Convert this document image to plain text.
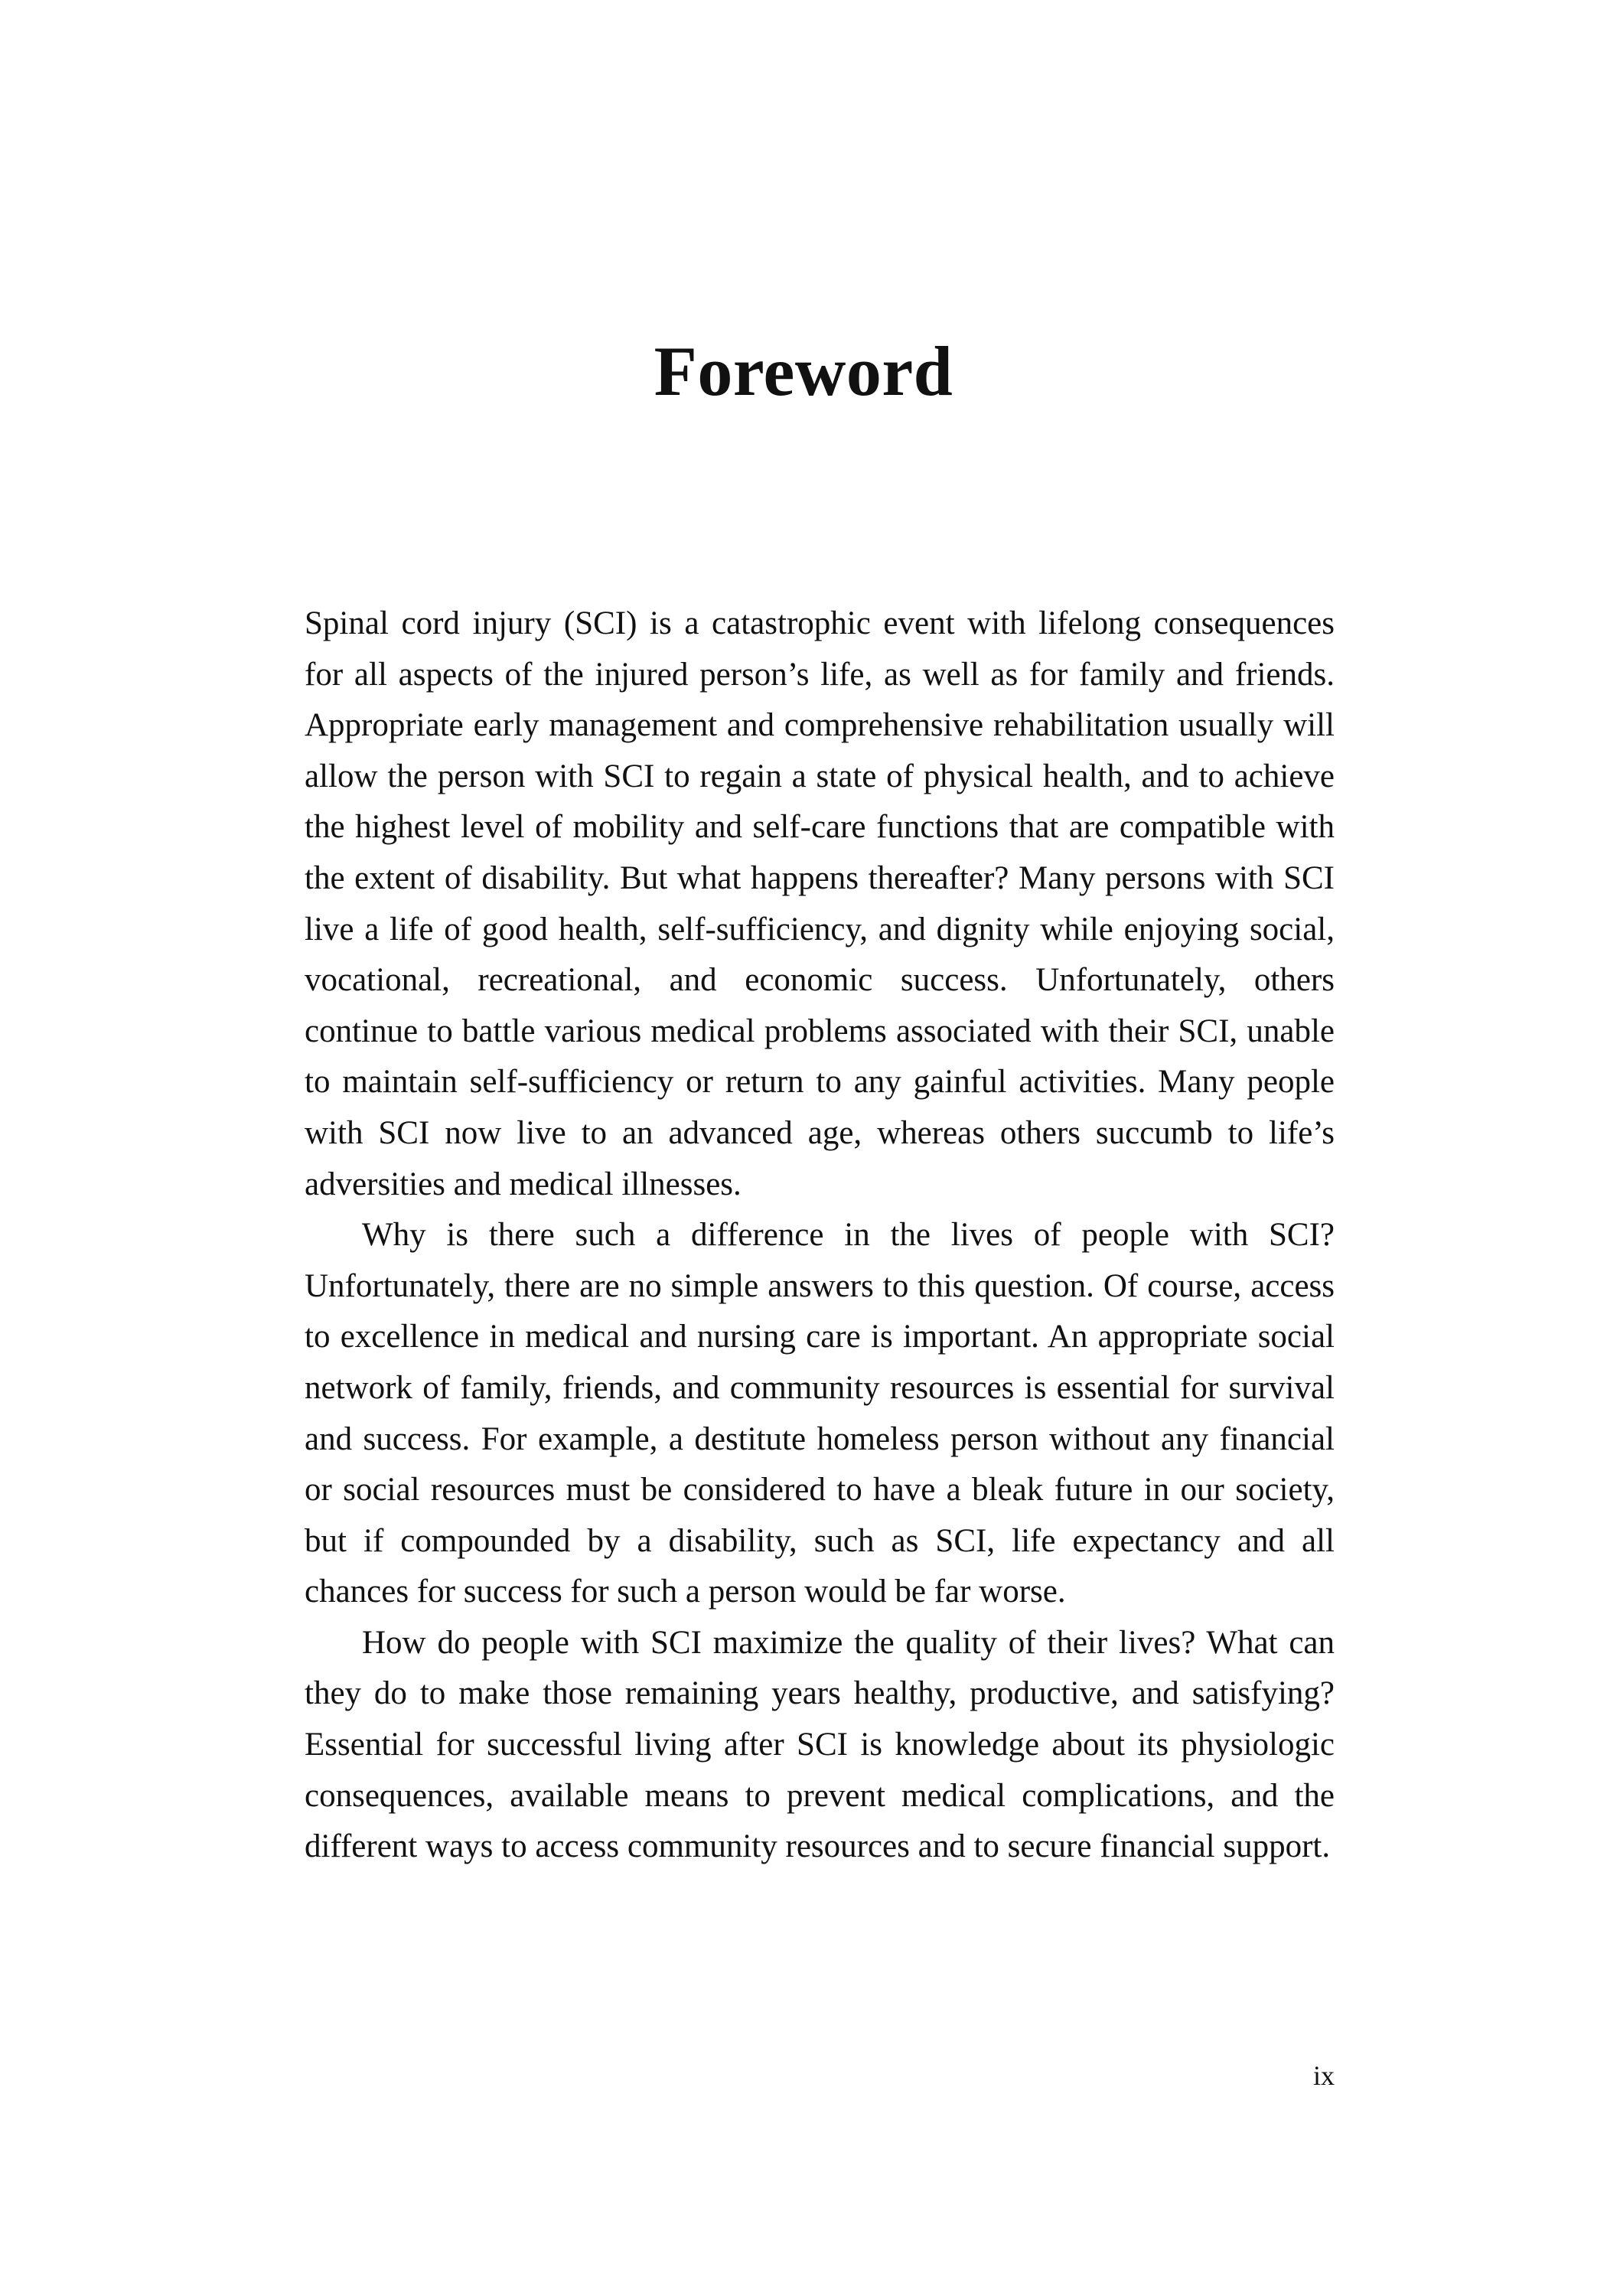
Foreword

Spinal cord injury (SCI) is a catastrophic event with lifelong consequences for all aspects of the injured person’s life, as well as for family and friends. Appropriate early management and comprehensive rehabilitation usually will allow the person with SCI to regain a state of physical health, and to achieve the highest level of mobility and self-care functions that are compatible with the extent of disability. But what happens thereafter? Many persons with SCI live a life of good health, self-sufficiency, and dignity while enjoying social, vocational, recreational, and economic success. Unfortunately, others continue to battle various medical problems associated with their SCI, unable to maintain self-sufficiency or return to any gainful activities. Many people with SCI now live to an advanced age, whereas others succumb to life’s adversities and medical illnesses.

Why is there such a difference in the lives of people with SCI? Unfortunately, there are no simple answers to this question. Of course, access to excellence in medical and nursing care is important. An appropriate social network of family, friends, and community resources is essential for survival and success. For example, a destitute homeless person without any financial or social resources must be considered to have a bleak future in our society, but if compounded by a disability, such as SCI, life expectancy and all chances for success for such a person would be far worse.

How do people with SCI maximize the quality of their lives? What can they do to make those remaining years healthy, productive, and satisfying? Essential for successful living after SCI is knowledge about its physiologic consequences, available means to prevent medical complications, and the different ways to access community resources and to secure financial support.

ix
